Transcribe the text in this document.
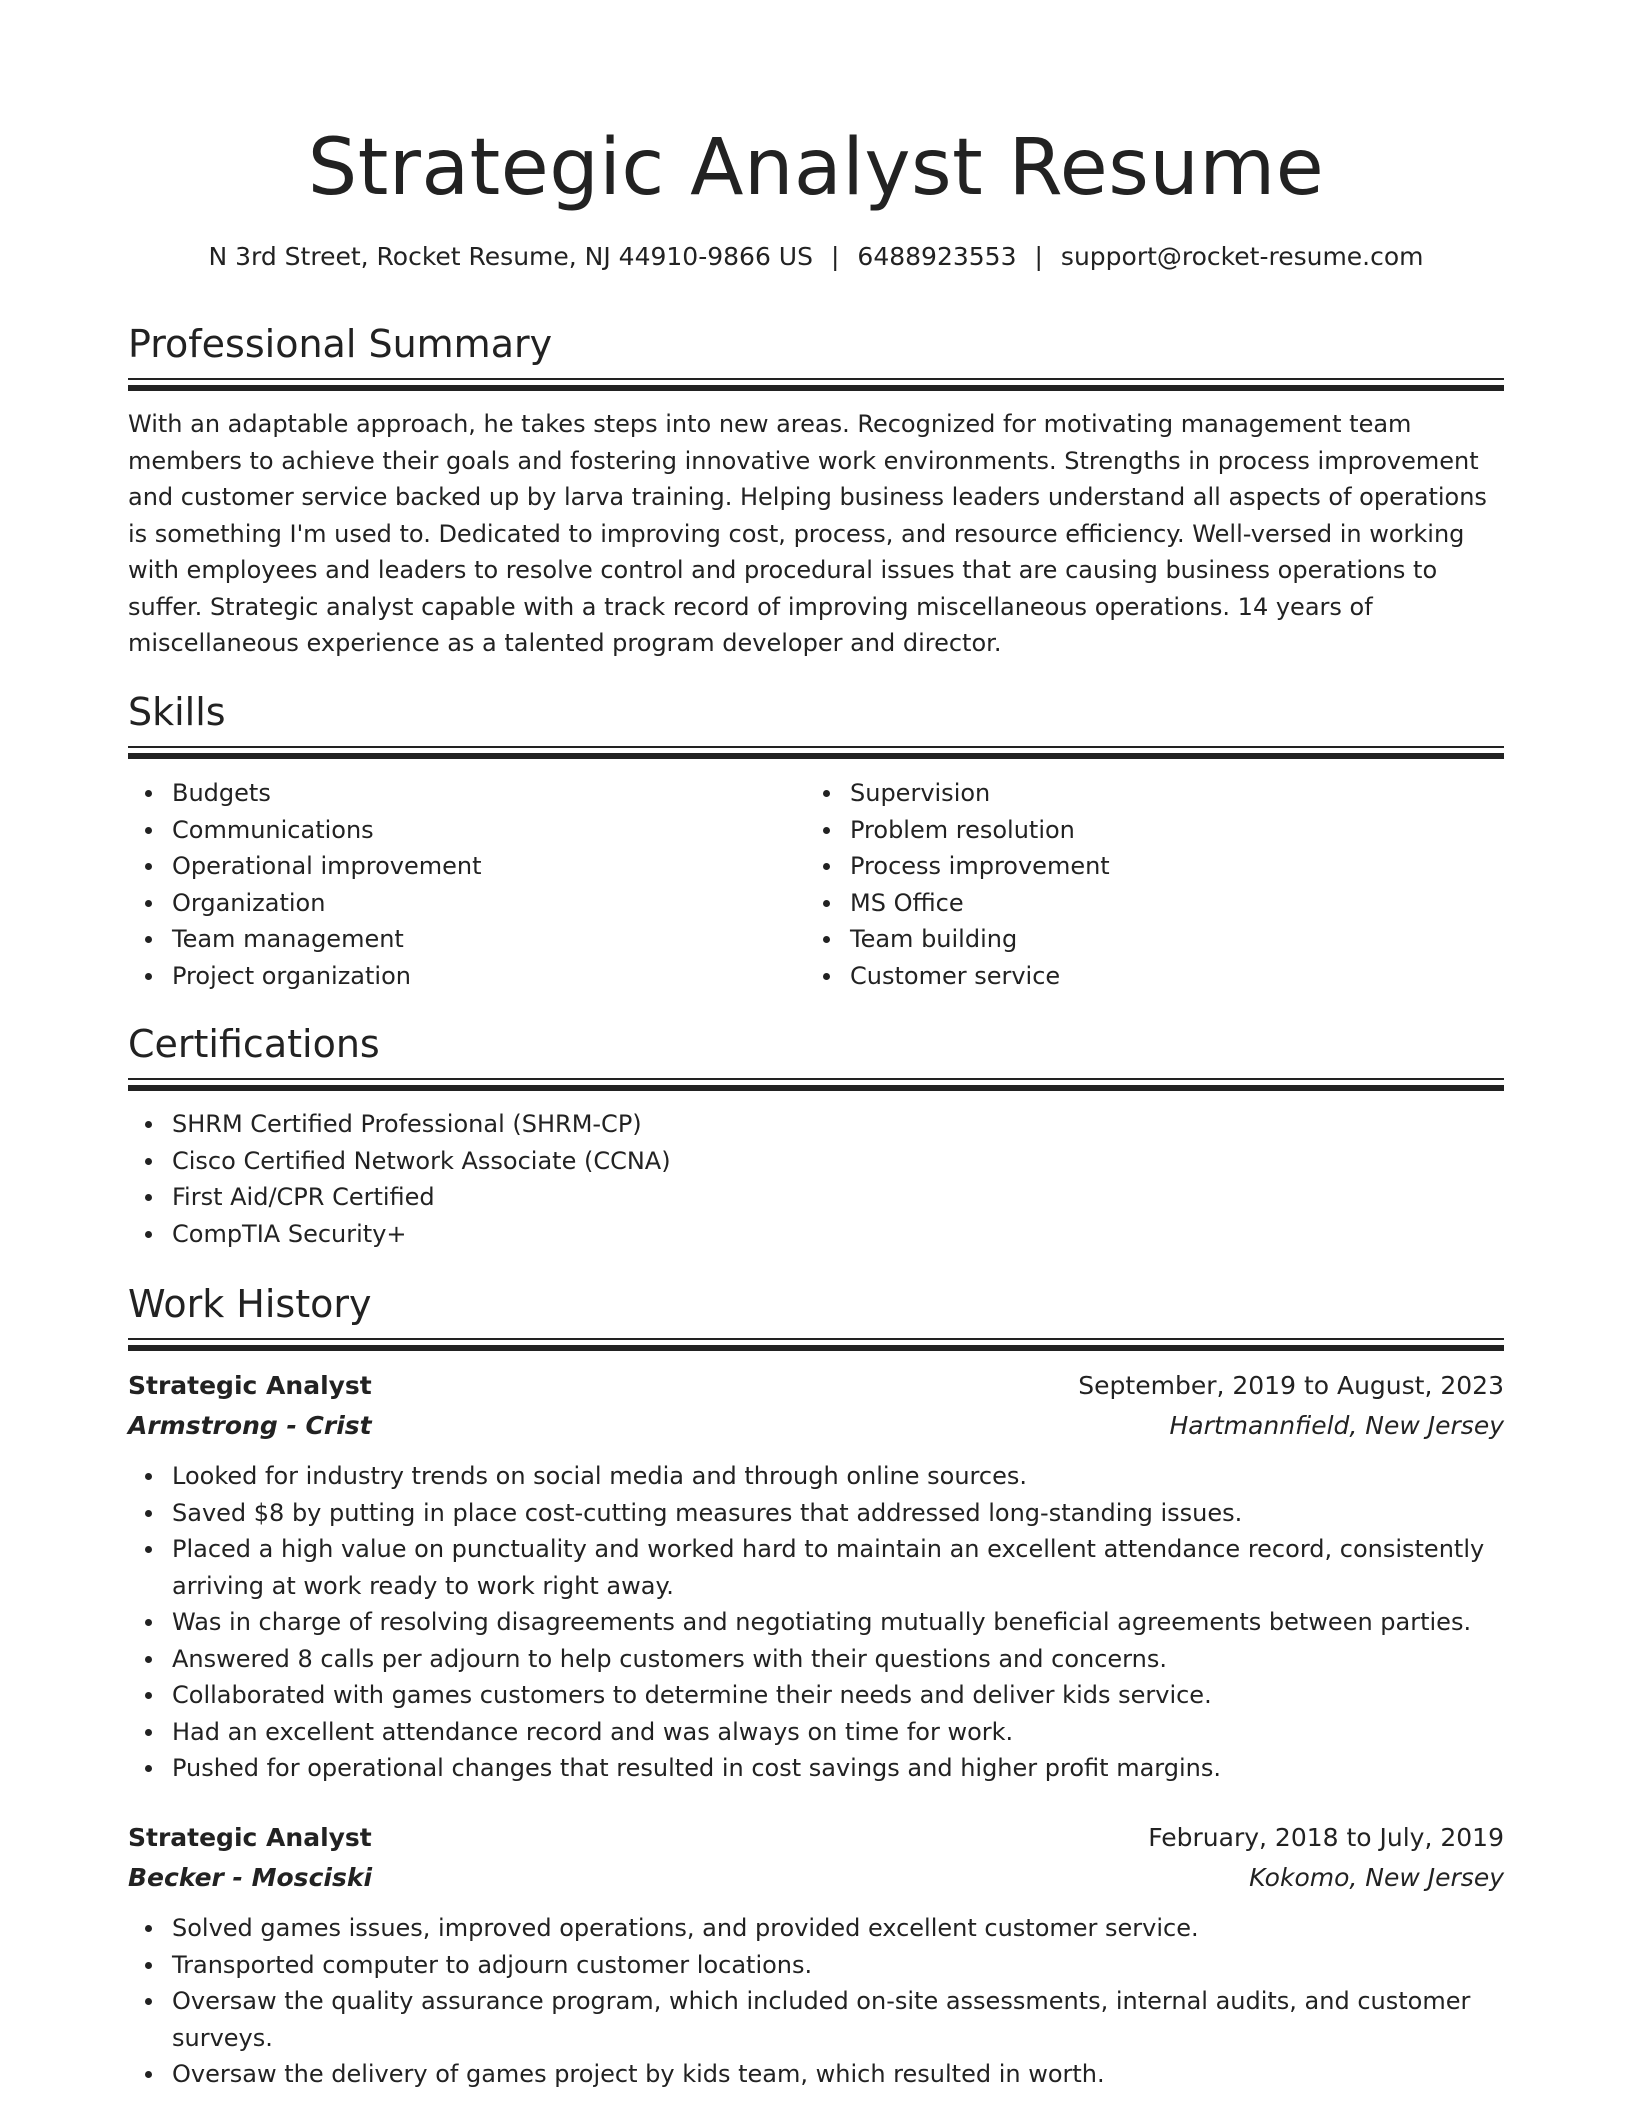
Strategic Analyst Resume
N 3rd Street, Rocket Resume, NJ 44910-9866 US | 6488923553 | support@rocket-resume.com
Professional Summary

With an adaptable approach, he takes steps into new areas. Recognized for motivating management team members to achieve their goals and fostering innovative work environments. Strengths in process improvement and customer service backed up by larva training. Helping business leaders understand all aspects of operations is something I'm used to. Dedicated to improving cost, process, and resource efficiency. Well-versed in working with employees and leaders to resolve control and procedural issues that are causing business operations to suffer. Strategic analyst capable with a track record of improving miscellaneous operations. 14 years of miscellaneous experience as a talented program developer and director.

Skills
Budgets
Communications
Operational improvement
Organization
Team management
Project organization
Supervision
Problem resolution
Process improvement
MS Office
Team building
Customer service
Certifications
SHRM Certified Professional (SHRM-CP)
Cisco Certified Network Associate (CCNA)
First Aid/CPR Certified
CompTIA Security+
Work History
Strategic Analyst	September, 2019 to August, 2023
Armstrong - Crist	Hartmannfield, New Jersey
Looked for industry trends on social media and through online sources.
Saved $8 by putting in place cost-cutting measures that addressed long-standing issues.
Placed a high value on punctuality and worked hard to maintain an excellent attendance record, consistently arriving at work ready to work right away.
Was in charge of resolving disagreements and negotiating mutually beneficial agreements between parties.
Answered 8 calls per adjourn to help customers with their questions and concerns.
Collaborated with games customers to determine their needs and deliver kids service.
Had an excellent attendance record and was always on time for work.
Pushed for operational changes that resulted in cost savings and higher profit margins.
Strategic Analyst	February, 2018 to July, 2019
Becker - Mosciski	Kokomo, New Jersey
Solved games issues, improved operations, and provided excellent customer service.
Transported computer to adjourn customer locations.
Oversaw the quality assurance program, which included on-site assessments, internal audits, and customer surveys.
Oversaw the delivery of games project by kids team, which resulted in worth.
